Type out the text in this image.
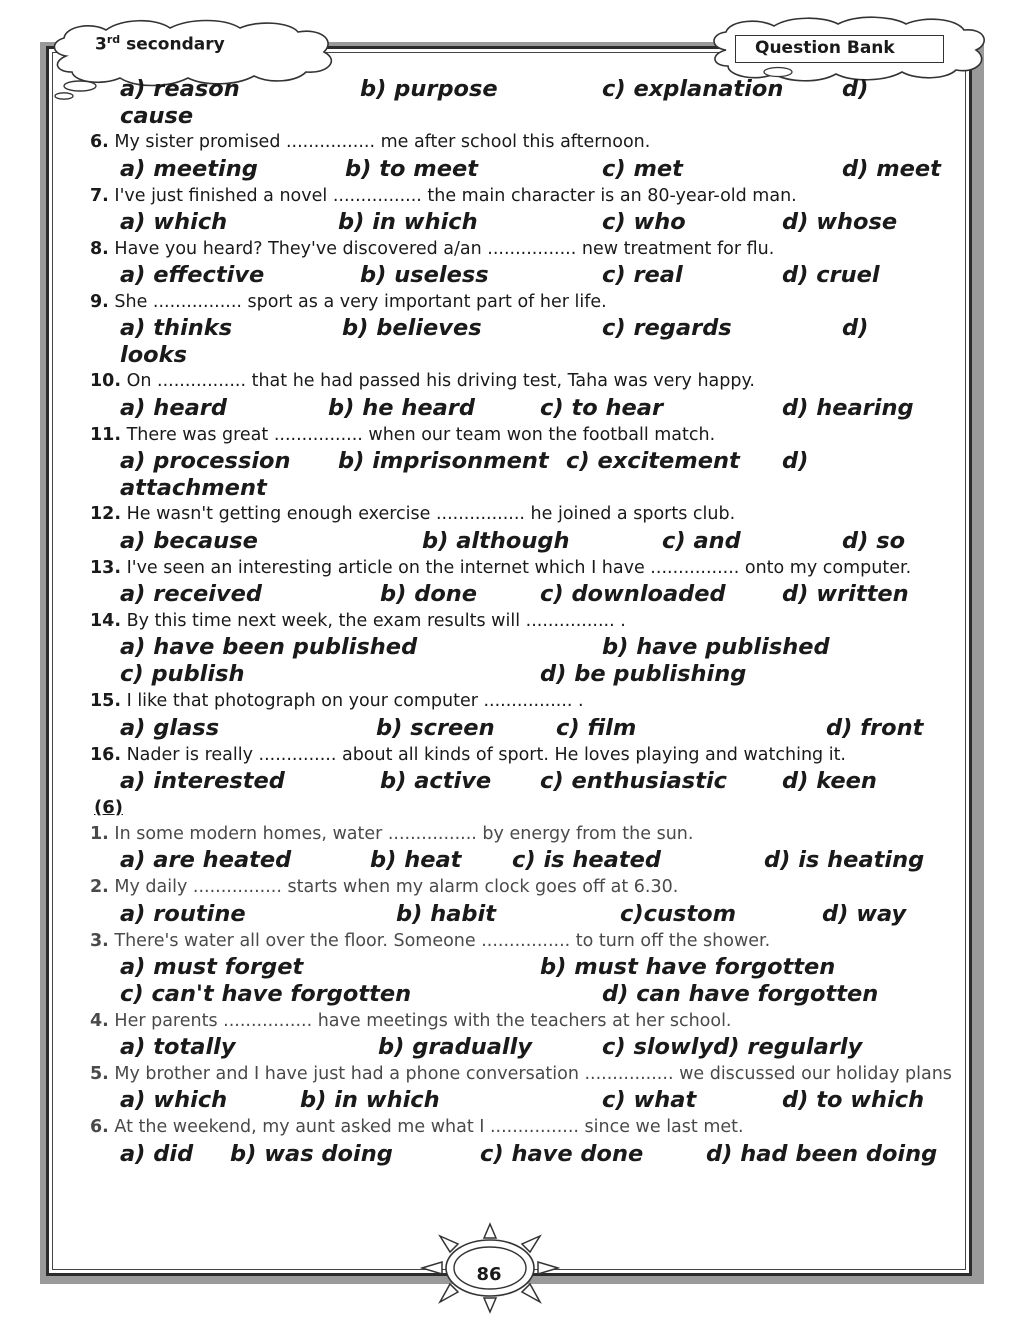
3rd secondary	Question Bank
a) reason	b) purpose	c) explanation	d)
cause
6. My sister promised ................ me after school this afternoon.
a) meeting	b) to meet	c) met	d) meet
7. I've just finished a novel ................ the main character is an 80-year-old man.
a) which	b) in which	c) who	d) whose
8. Have you heard? They've discovered a/an ................ new treatment for flu.
a) effective	b) useless	c) real	d) cruel
9. She ................ sport as a very important part of her life.
a) thinks	b) believes	c) regards	d)
looks
10. On ................ that he had passed his driving test, Taha was very happy.
a) heard	b) he heard	c) to hear	d) hearing
11. There was great ................ when our team won the football match.
a) procession b) imprisonment c) excitement d)
attachment
12. He wasn't getting enough exercise ................ he joined a sports club.
a) because	b) although	c) and	d) so
13. I've seen an interesting article on the internet which I have ................ onto my computer.
a) received	b) done	c) downloaded	d) written
14. By this time next week, the exam results will ................ .
a) have been published	b) have published
c) publish	d) be publishing
15. I like that photograph on your computer ................ .
a) glass	b) screen	c) film	d) front
16. Nader is really .............. about all kinds of sport. He loves playing and watching it.
a) interested	b) active c) enthusiastic d) keen
(6)
1. In some modern homes, water ................ by energy from the sun.
a) are heated	b) heat c) is heated	d) is heating
2. My daily ................ starts when my alarm clock goes off at 6.30.
a) routine	b) habit	c)custom	d) way
3. There's water all over the floor. Someone ................ to turn off the shower.
a) must forget	b) must have forgotten
c) can't have forgotten	d) can have forgotten
4. Her parents ................ have meetings with the teachers at her school.
a) totally	b) gradually	c) slowlyd) regularly
5. My brother and I have just had a phone conversation ................ we discussed our holiday plans
a) which	b) in which	c) what	d) to which
6. At the weekend, my aunt asked me what I ................ since we last met.
a) did b) was doing	c) have done	d) had been doing
86
